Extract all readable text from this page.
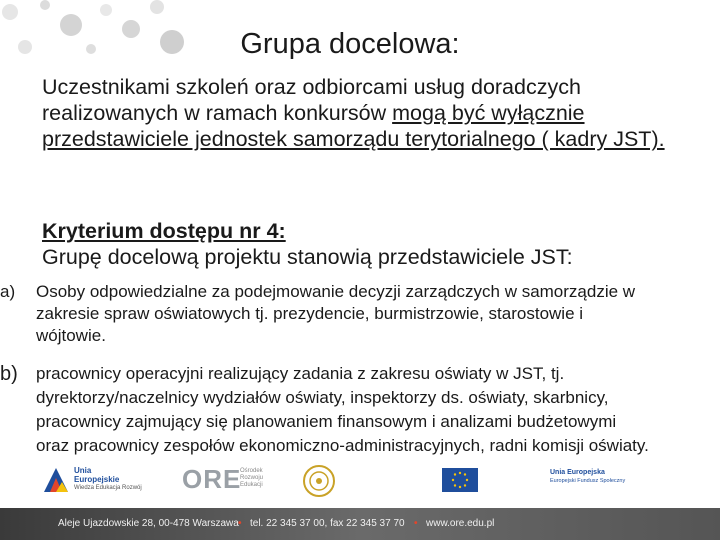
Grupa docelowa:

Uczestnikami szkoleń oraz odbiorcami usług doradczych realizowanych w ramach konkursów mogą być wyłącznie przedstawiciele jednostek samorządu terytorialnego ( kadry JST).

Kryterium dostępu nr 4:
Grupę docelową projektu stanowią przedstawiciele JST:
a) Osoby odpowiedzialne za podejmowanie decyzji zarządczych w samorządzie w zakresie spraw oświatowych tj. prezydencie, burmistrzowie, starostowie i wójtowie.
b) pracownicy operacyjni realizujący zadania z zakresu oświaty w JST, tj. dyrektorzy/naczelnicy wydziałów oświaty, inspektorzy ds. oświaty, skarbnicy, pracownicy zajmujący się planowaniem finansowym i analizami budżetowymi oraz pracownicy zespołów ekonomiczno-administracyjnych, radni komisji oświaty.
Unia
Europejskie
Wiedza Edukacja Rozwój ORE
Ośrodek
Rozwoju
Edukacji
Unia Europejska
Europejski Fundusz Społeczny
Aleje Ujazdowskie 28, 00-478 Warszawa • tel. 22 345 37 00, fax 22 345 37 70 • www.ore.edu.pl
